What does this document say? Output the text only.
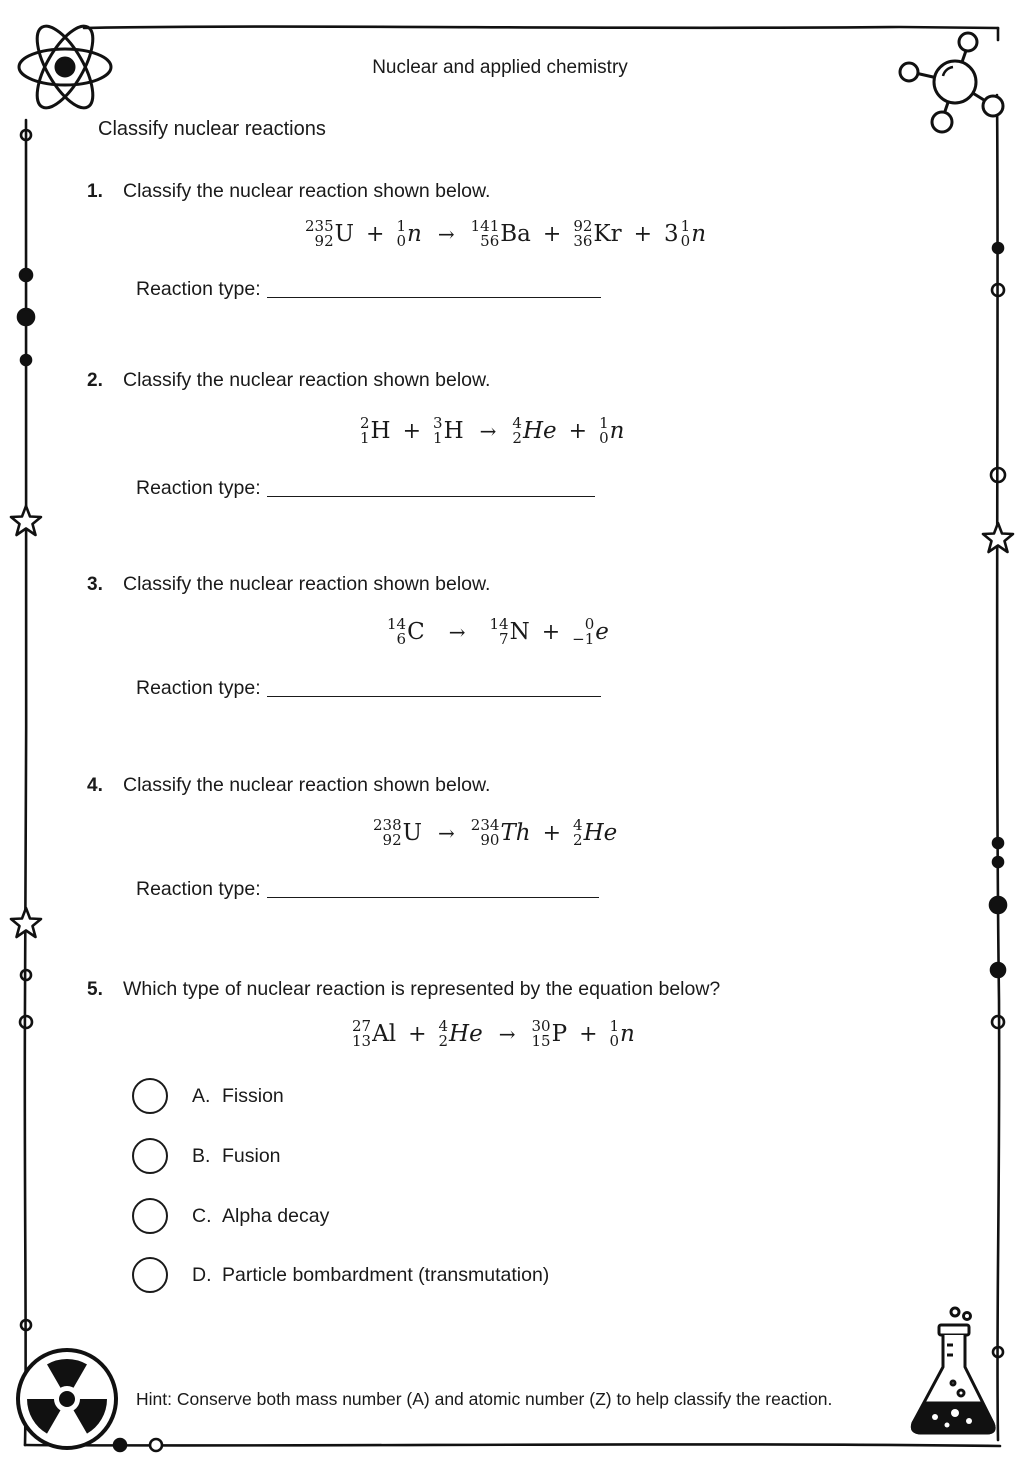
Nuclear and applied chemistry
Classify nuclear reactions
1.	Classify the nuclear reaction shown below.
235
92 U + 1
0 n → 141
56 Ba + 92
36 Kr + 3 1
0 n
Reaction type:
2.	Classify the nuclear reaction shown below.
2
1 H + 3
1 H → 4
2 He + 1
0 n
Reaction type:
3.	Classify the nuclear reaction shown below.
14
6 C → 14
7 N + 0
−1 e
Reaction type:
4.	Classify the nuclear reaction shown below.
238
92 U → 234
90 Th + 4
2 He
Reaction type:
5.	Which type of nuclear reaction is represented by the equation below?
27
13 Al + 4
2 He → 30
15 P + 1
0 n
A. Fission
B. Fusion
C. Alpha decay
D. Particle bombardment (transmutation)
Hint: Conserve both mass number (A) and atomic number (Z) to help classify the reaction.
